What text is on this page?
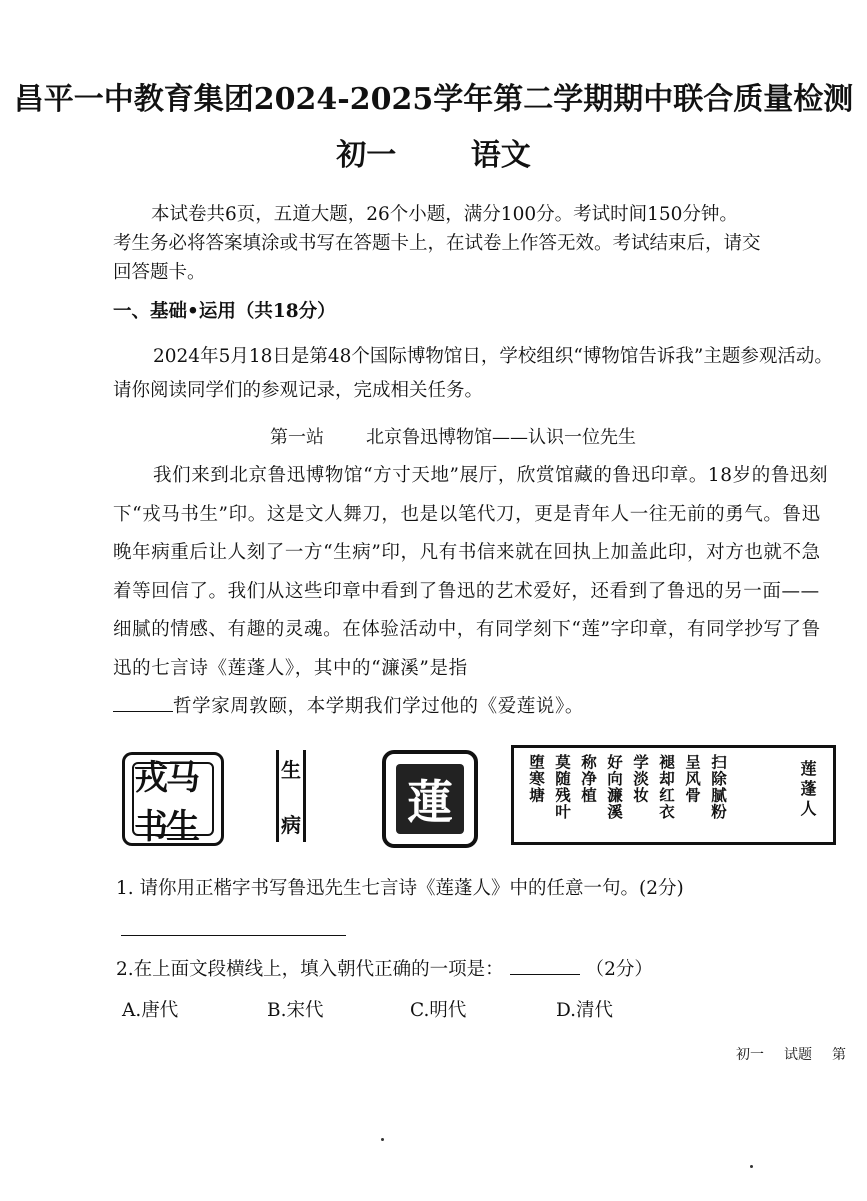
昌平一中教育集团2024-2025学年第二学期期中联合质量检测
初一 语文
本试卷共6页，五道大题，26个小题，满分100分。考试时间150分钟。
考生务必将答案填涂或书写在答题卡上，在试卷上作答无效。考试结束后，请交
回答题卡。
一、基础•运用（共18分）
2024年5月18日是第48个国际博物馆日，学校组织“博物馆告诉我”主题参观活动。请你阅读同学们的参观记录，完成相关任务。
第一站 北京鲁迅博物馆——认识一位先生
我们来到北京鲁迅博物馆“方寸天地”展厅，欣赏馆藏的鲁迅印章。18岁的鲁迅刻下“戎马书生”印。这是文人舞刀，也是以笔代刀，更是青年人一往无前的勇气。鲁迅晚年病重后让人刻了一方“生病”印，凡有书信来就在回执上加盖此印，对方也就不急着等回信了。我们从这些印章中看到了鲁迅的艺术爱好，还看到了鲁迅的另一面——细腻的情感、有趣的灵魂。在体验活动中，有同学刻下“莲”字印章，有同学抄写了鲁迅的七言诗《莲蓬人》，其中的“濂溪”是指
哲学家周敦颐，本学期我们学过他的《爱莲说》。
戎马书生
生
病 蓮	扫除腻粉
呈风骨
褪却红衣
学淡妆
好向濂溪
称净植
莫随残叶
堕寒塘	莲蓬人
1. 请你用正楷字书写鲁迅先生七言诗《莲蓬人》中的任意一句。(2分)
2.在上面文段横线上，填入朝代正确的一项是：	（2分）
A.唐代	B.宋代	C.明代	D.清代
初一 试题 第
